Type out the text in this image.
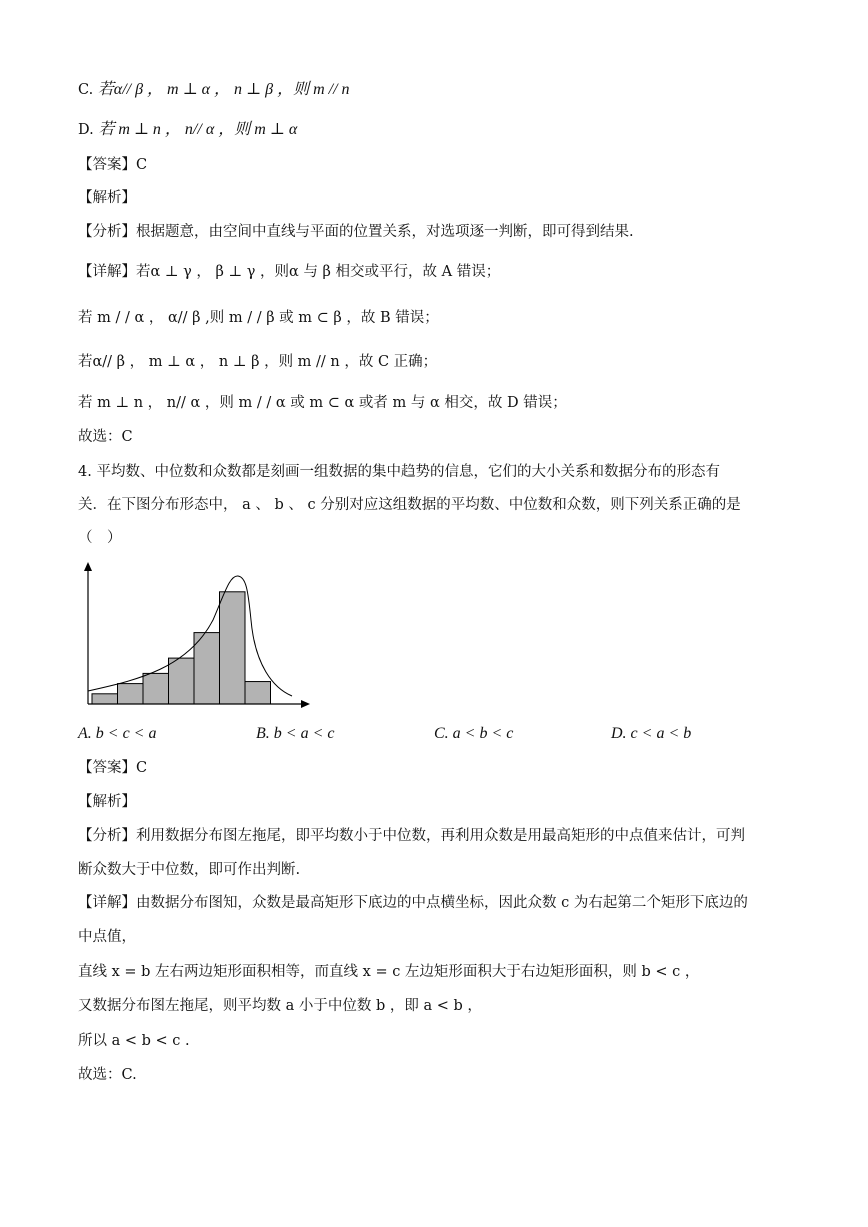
C. 若α// β ， m ⊥ α ， n ⊥ β ，则 m // n
D. 若 m ⊥ n ， n// α ，则 m ⊥ α
【答案】C
【解析】
【分析】根据题意，由空间中直线与平面的位置关系，对选项逐一判断，即可得到结果.
【详解】若α ⊥ γ ， β ⊥ γ ，则α 与 β 相交或平行，故 A 错误；
若 m / / α ， α// β ,则 m / / β 或 m ⊂ β ，故 B 错误；
若α// β ， m ⊥ α ， n ⊥ β ，则 m // n ，故 C 正确；
若 m ⊥ n ， n// α ，则 m / / α 或 m ⊂ α 或者 m 与 α 相交，故 D 错误；
故选：C
4. 平均数、中位数和众数都是刻画一组数据的集中趋势的信息，它们的大小关系和数据分布的形态有
关．在下图分布形态中， a 、 b 、 c 分别对应这组数据的平均数、中位数和众数，则下列关系正确的是
（　）
A. b < c < a	B. b < a < c	C. a < b < c	D. c < a < b
【答案】C
【解析】
【分析】利用数据分布图左拖尾，即平均数小于中位数，再利用众数是用最高矩形的中点值来估计，可判
断众数大于中位数，即可作出判断.
【详解】由数据分布图知，众数是最高矩形下底边的中点横坐标，因此众数 c 为右起第二个矩形下底边的
中点值，
直线 x = b 左右两边矩形面积相等，而直线 x = c 左边矩形面积大于右边矩形面积，则 b < c ，
又数据分布图左拖尾，则平均数 a 小于中位数 b ，即 a < b ，
所以 a < b < c .
故选：C.
